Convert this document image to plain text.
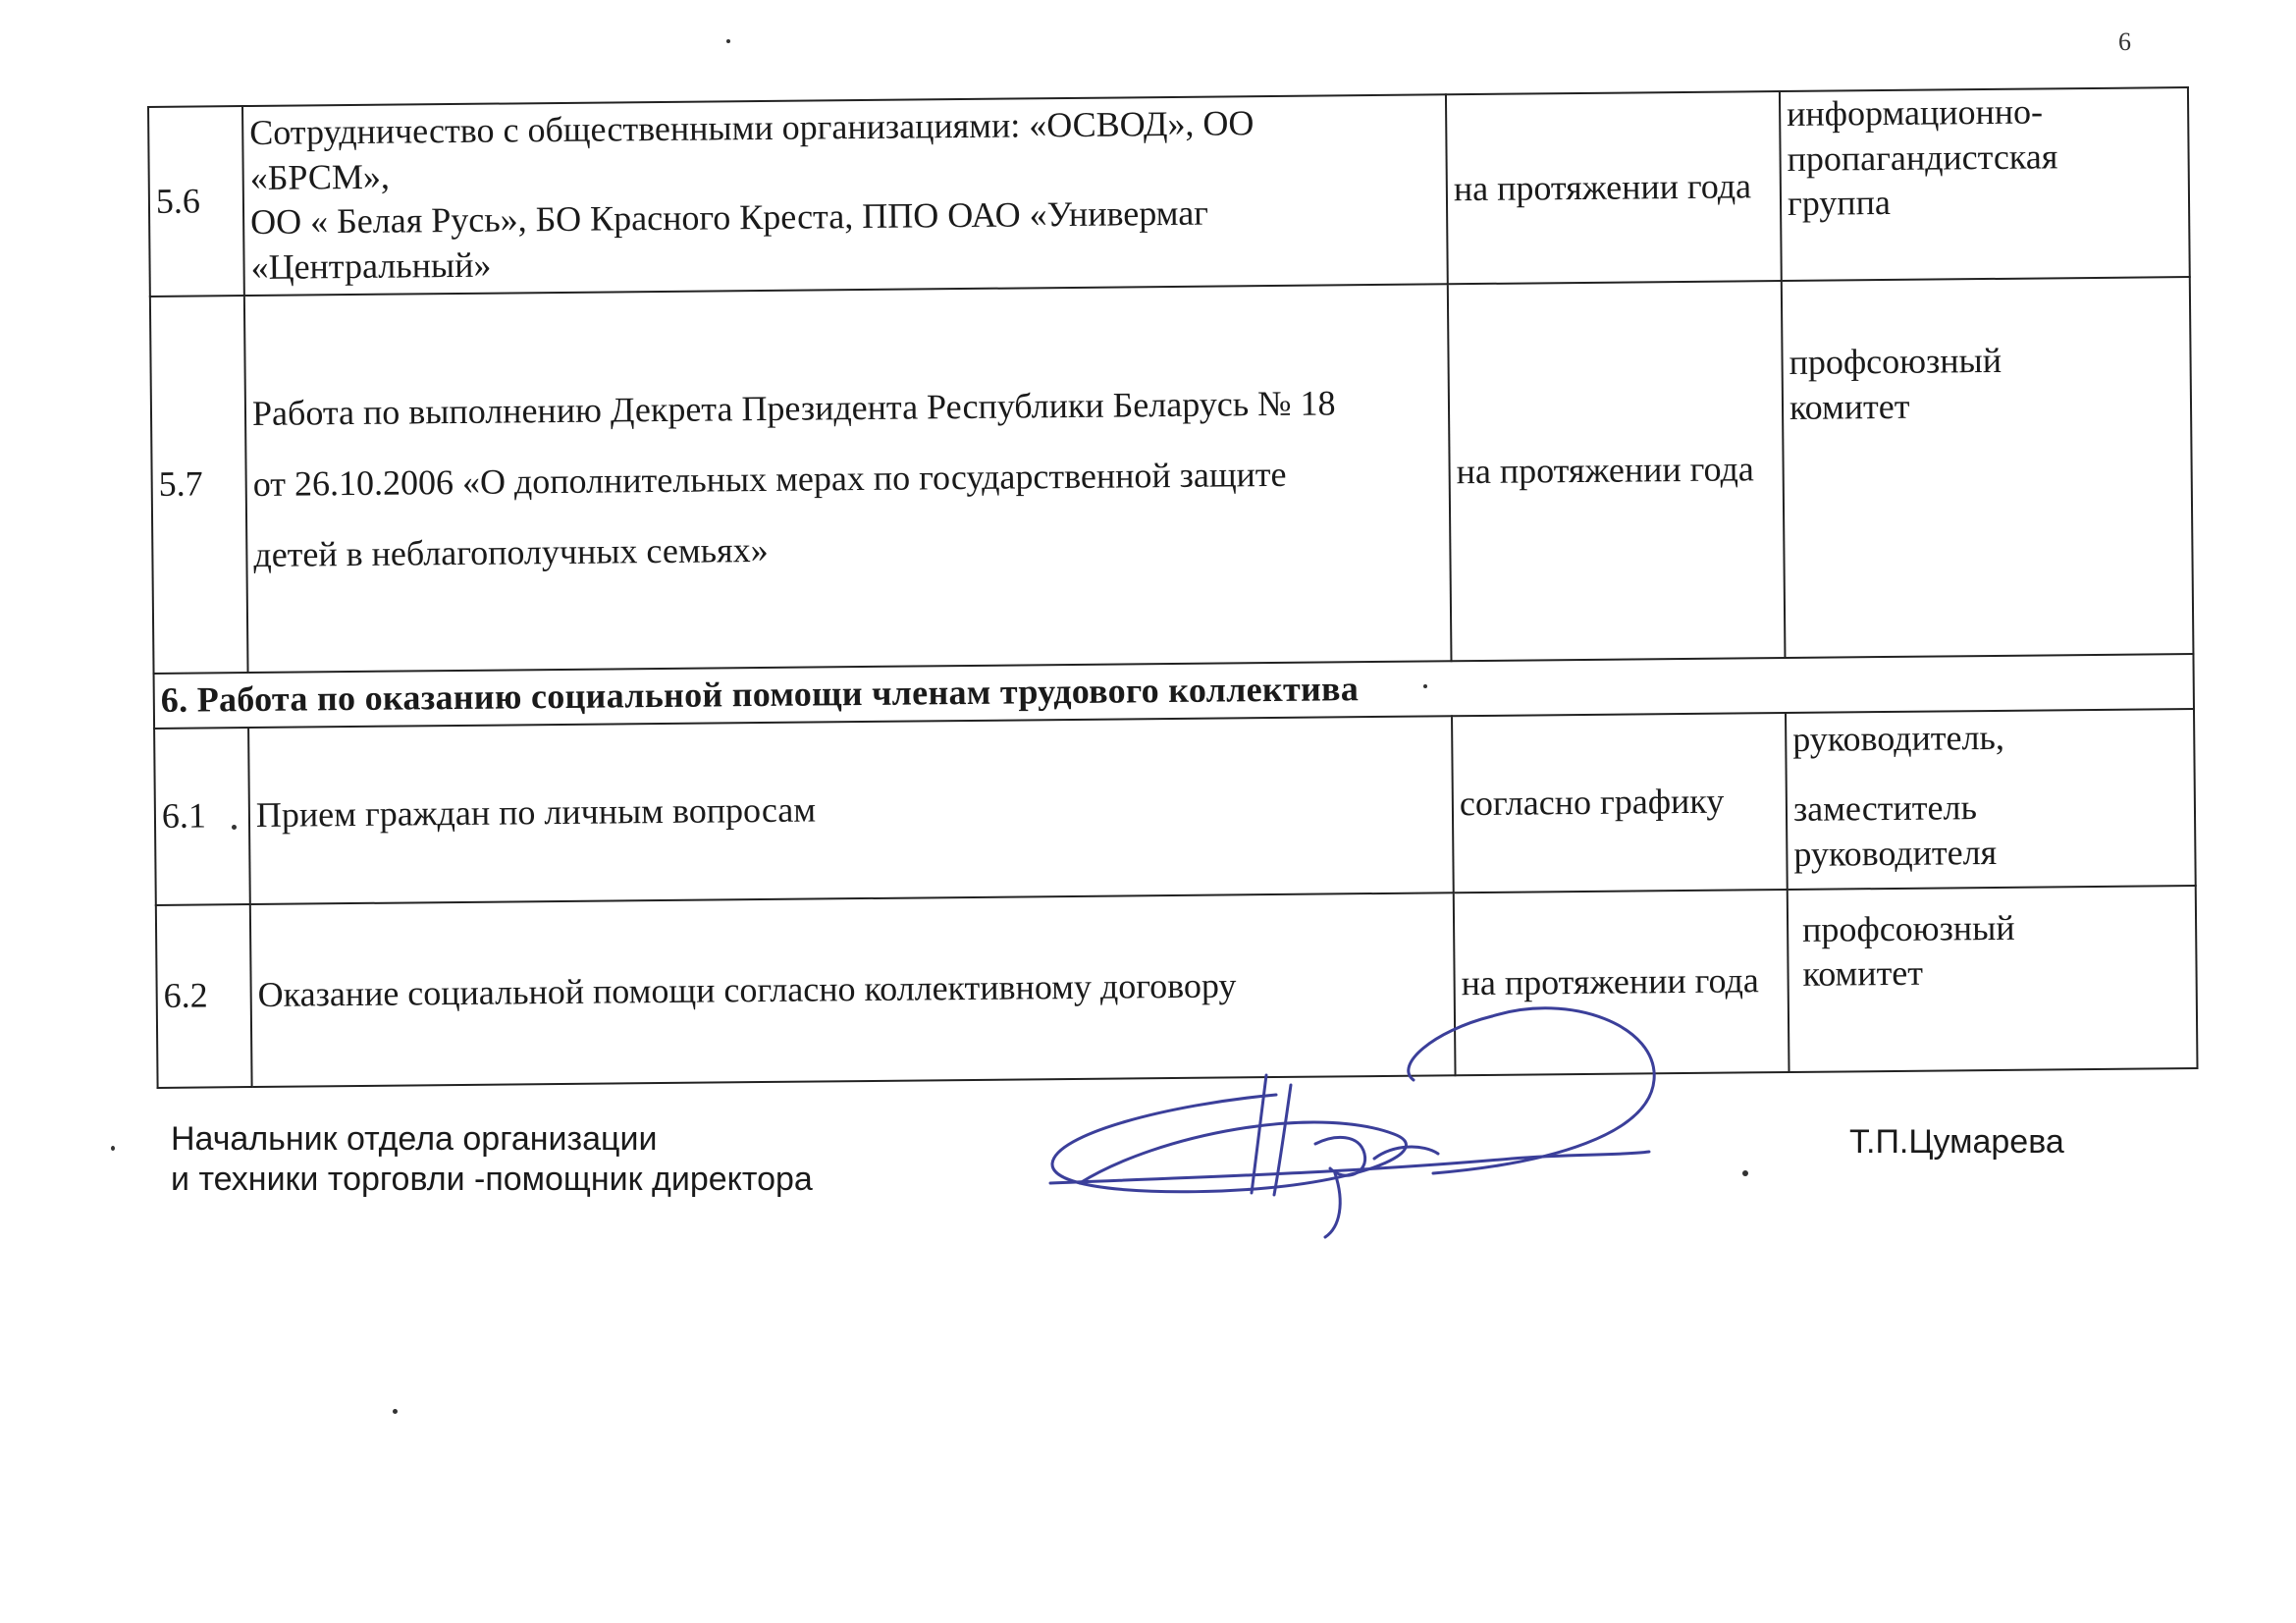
6
5.6	Сотрудничество с общественными организациями: «ОСВОД», ОО
«БРСМ»,
ОО « Белая Русь», БО Красного Креста, ППО ОАО «Универмаг
«Центральный»	на протяжении года	информационно-
пропагандистская
группа

5.7	Работа по выполнению Декрета Президента Республики Беларусь № 18
от 26.10.2006 «О дополнительных мерах по государственной защите
детей в неблагополучных семьях»	на протяжении года	профсоюзный
комитет

6. Работа по оказанию социальной помощи членам трудового коллектива			
6.1	Прием граждан по личным вопросам	согласно графику	руководитель,
заместитель
руководителя

6.2	Оказание социальной помощи согласно коллективному договору	на протяжении года	профсоюзный
комитет
Начальник отдела организации
и техники торговли -помощник директора
Т.П.Цумарева
